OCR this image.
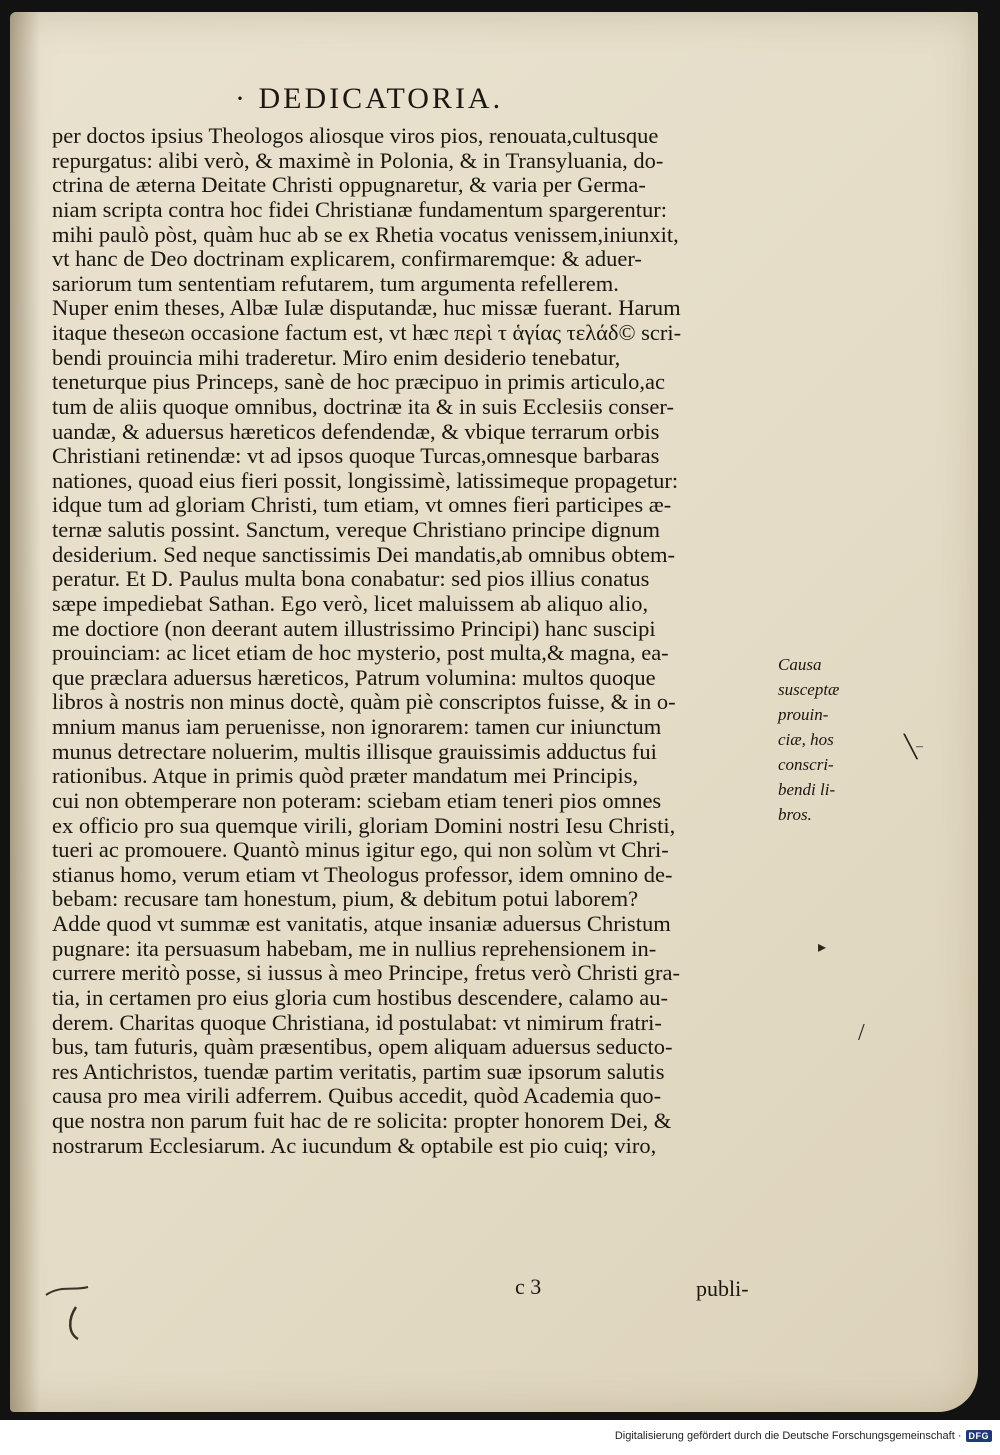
· DEDICATORIA.
per doctos ipsius Theologos aliosque viros pios, renouata,cultusque
repurgatus: alibi verò, & maximè in Polonia, & in Transyluania, do-
ctrina de æterna Deitate Christi oppugnaretur, & varia per Germa-
niam scripta contra hoc fidei Christianæ fundamentum spargerentur:
mihi paulò pòst, quàm huc ab se ex Rhetia vocatus venissem,iniunxit,
vt hanc de Deo doctrinam explicarem, confirmaremque: & aduer-
sariorum tum sententiam refutarem, tum argumenta refellerem.
Nuper enim theses, Albæ Iulæ disputandæ, huc missæ fuerant. Harum
itaque theseωn occasione factum est, vt hæc περὶ τ ἁγίας τελάδ© scri-
bendi prouincia mihi traderetur. Miro enim desiderio tenebatur,
teneturque pius Princeps, sanè de hoc præcipuo in primis articulo,ac
tum de aliis quoque omnibus, doctrinæ ita & in suis Ecclesiis conser-
uandæ, & aduersus hæreticos defendendæ, & vbique terrarum orbis
Christiani retinendæ: vt ad ipsos quoque Turcas,omnesque barbaras
nationes, quoad eius fieri possit, longissimè, latissimeque propagetur:
idque tum ad gloriam Christi, tum etiam, vt omnes fieri participes æ-
ternæ salutis possint. Sanctum, vereque Christiano principe dignum
desiderium. Sed neque sanctissimis Dei mandatis,ab omnibus obtem-
peratur. Et D. Paulus multa bona conabatur: sed pios illius conatus
sæpe impediebat Sathan. Ego verò, licet maluissem ab aliquo alio,
me doctiore (non deerant autem illustrissimo Principi) hanc suscipi
prouinciam: ac licet etiam de hoc mysterio, post multa,& magna, ea-
que præclara aduersus hæreticos, Patrum volumina: multos quoque
libros à nostris non minus doctè, quàm piè conscriptos fuisse, & in o-
mnium manus iam peruenisse, non ignorarem: tamen cur iniunctum
munus detrectare noluerim, multis illisque grauissimis adductus fui
rationibus. Atque in primis quòd præter mandatum mei Principis,
cui non obtemperare non poteram: sciebam etiam teneri pios omnes
ex officio pro sua quemque virili, gloriam Domini nostri Iesu Christi,
tueri ac promouere. Quantò minus igitur ego, qui non solùm vt Chri-
stianus homo, verum etiam vt Theologus professor, idem omnino de-
bebam: recusare tam honestum, pium, & debitum potui laborem?
Adde quod vt summæ est vanitatis, atque insaniæ aduersus Christum
pugnare: ita persuasum habebam, me in nullius reprehensionem in-
currere meritò posse, si iussus à meo Principe, fretus verò Christi gra-
tia, in certamen pro eius gloria cum hostibus descendere, calamo au-
derem. Charitas quoque Christiana, id postulabat: vt nimirum fratri-
bus, tam futuris, quàm præsentibus, opem aliquam aduersus seducto-
res Antichristos, tuendæ partim veritatis, partim suæ ipsorum salutis
causa pro mea virili adferrem. Quibus accedit, quòd Academia quo-
que nostra non parum fuit hac de re solicita: propter honorem Dei, &
nostrarum Ecclesiarum. Ac iucundum & optabile est pio cuiq; viro,
Causa
susceptæ
prouin-
ciæ, hos
conscri-
bendi li-
bros.
c 3	publi-
╲
–
▸
/
Digitalisierung gefördert durch die Deutsche Forschungsgemeinschaft · DFG
